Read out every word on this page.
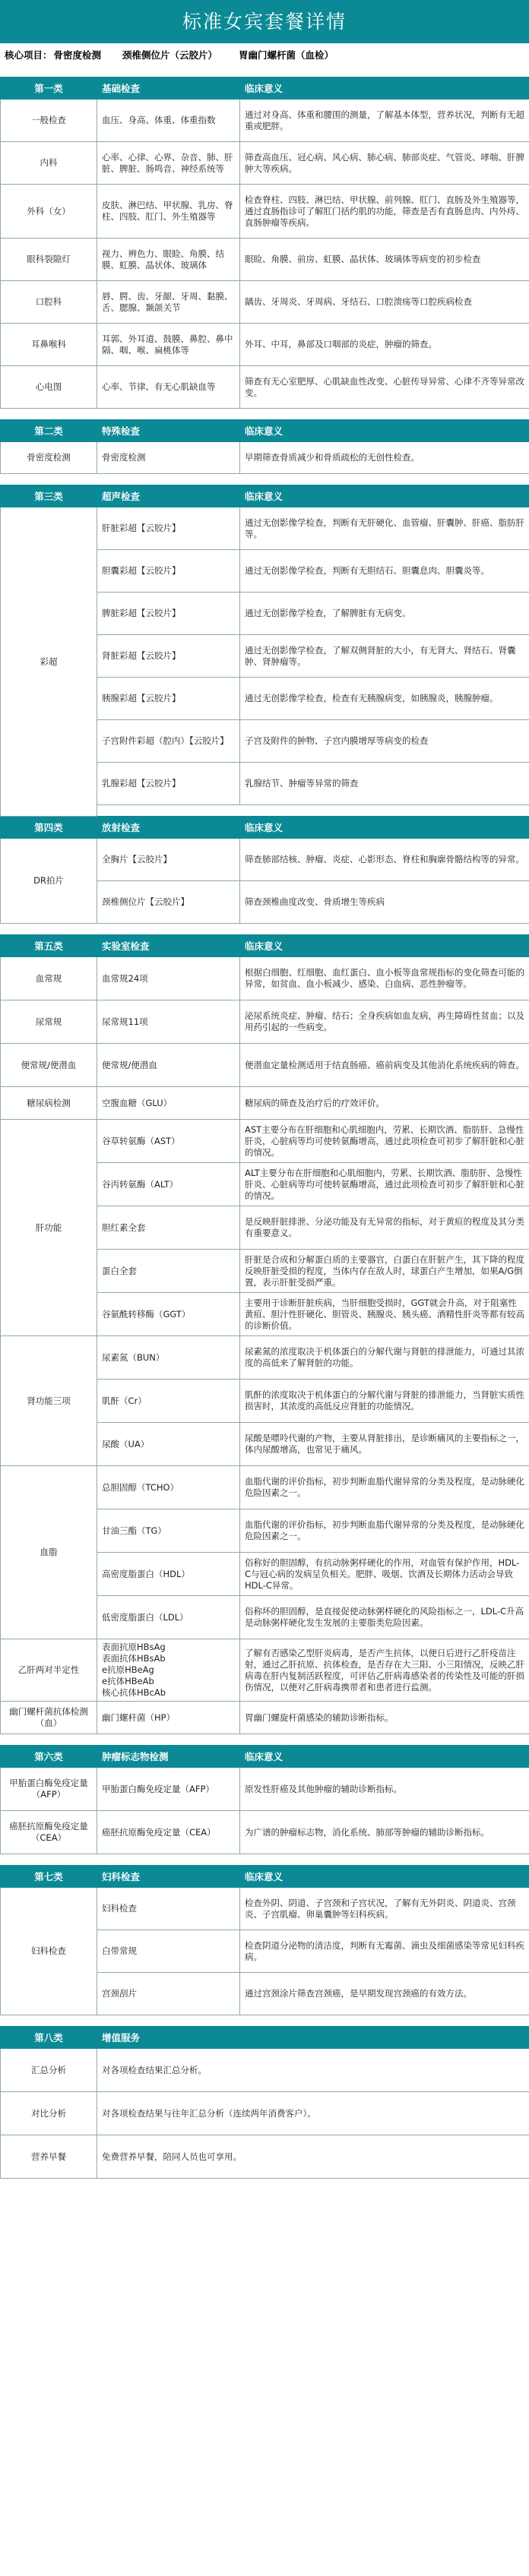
标准女宾套餐详情
核心项目： 骨密度检测 颈椎侧位片（云胶片） 胃幽门螺杆菌（血检）

第一类	基础检查	临床意义
一般检查	血压、身高、体重、体重指数	通过对身高、体重和腰围的测量，了解基本体型，营养状况，判断有无超重或肥胖。
内科	心率、心律、心界、杂音、肺、肝脏、脾脏、肠鸣音、神经系统等	筛查高血压、冠心病、风心病、肺心病、肺部炎症、气管炎、哮喘、肝脾肿大等疾病。
外科（女）	皮肤、淋巴结、甲状腺、乳房、脊柱、四肢、肛门、外生殖器等	检查脊柱、四肢、淋巴结、甲状腺、前列腺、肛门、直肠及外生殖器等，通过直肠指诊可了解肛门括约肌的功能，筛查是否有直肠息肉、内外痔、直肠肿瘤等疾病。
眼科裂隙灯	视力、辨色力、眼睑、角膜、结膜、虹膜、晶状体、玻璃体	眼睑、角膜、前房、虹膜、晶状体、玻璃体等病变的初步检查
口腔科	唇、腭、齿、牙龈、牙周、黏膜、舌、腮腺、颞颌关节	龋齿、牙周炎、牙周病、牙结石、口腔溃疡等口腔疾病检查
耳鼻喉科	耳郭、外耳道、鼓膜、鼻腔、鼻中隔、咽、喉、扁桃体等	外耳、中耳，鼻部及口咽部的炎症，肿瘤的筛查。
心电图	心率、节律、有无心肌缺血等	筛查有无心室肥厚、心肌缺血性改变、心脏传导异常、心律不齐等异常改变。

第二类	特殊检查	临床意义
骨密度检测	骨密度检测	早期筛查骨质减少和骨质疏松的无创性检查。

第三类	超声检查	临床意义
彩超	肝脏彩超【云胶片】	通过无创影像学检查，判断有无肝硬化、血管瘤、肝囊肿、肝癌、脂肪肝等。
	胆囊彩超【云胶片】	通过无创影像学检查，判断有无胆结石、胆囊息肉、胆囊炎等。
	脾脏彩超【云胶片】	通过无创影像学检查，了解脾脏有无病变。
	肾脏彩超【云胶片】	通过无创影像学检查，了解双侧肾脏的大小，有无肾大、肾结石、肾囊肿、肾肿瘤等。
	胰腺彩超【云胶片】	通过无创影像学检查，检查有无胰腺病变，如胰腺炎，胰腺肿瘤。
	子宫附件彩超（腔内）【云胶片】	子宫及附件的肿物、子宫内膜增厚等病变的检查
	乳腺彩超【云胶片】	乳腺结节、肿瘤等异常的筛查

第四类	放射检查	临床意义
DR拍片	全胸片【云胶片】	筛查肺部结核、肿瘤、炎症、心影形态、脊柱和胸廓骨骼结构等的异常。
	颈椎侧位片【云胶片】	筛查颈椎曲度改变、骨质增生等疾病

第五类	实验室检查	临床意义
血常规	血常规24项	根据白细胞、红细胞、血红蛋白、血小板等血常规指标的变化筛查可能的异常，如贫血、血小板减少、感染、白血病、恶性肿瘤等。
尿常规	尿常规11项	泌尿系统炎症、肿瘤、结石；全身疾病如血友病，再生障碍性贫血；以及用药引起的一些病变。
便常规/便潜血	便常规/便潜血	便潜血定量检测适用于结直肠癌、癌前病变及其他消化系统疾病的筛查。
糖尿病检测	空腹血糖（GLU）	糖尿病的筛查及治疗后的疗效评价。
肝功能	谷草转氨酶（AST）	AST主要分布在肝细胞和心肌细胞内，劳累、长期饮酒、脂肪肝、急慢性肝炎，心脏病等均可使转氨酶增高，通过此项检查可初步了解肝脏和心脏的情况。
	谷丙转氨酶（ALT）	ALT主要分布在肝细胞和心肌细胞内，劳累、长期饮酒、脂肪肝、急慢性肝炎、心脏病等均可使转氨酶增高，通过此项检查可初步了解肝脏和心脏的情况。
	胆红素全套	是反映肝脏排泄、分泌功能及有无异常的指标，对于黄疸的程度及其分类有重要意义。
	蛋白全套	肝脏是合成和分解蛋白质的主要器官，白蛋白在肝脏产生，其下降的程度反映肝脏受损的程度，当体内存在敌人时，球蛋白产生增加，如果A/G倒置，表示肝脏受损严重。
	谷氨酰转移酶（GGT）	主要用于诊断肝脏疾病，当肝细胞受损时，GGT就会升高，对于阻塞性黄疸、胆汁性肝硬化、胆管炎、胰腺炎、胰头癌、酒精性肝炎等都有较高的诊断价值。
肾功能三项	尿素氮（BUN）	尿素氮的浓度取决于机体蛋白的分解代谢与肾脏的排泄能力，可通过其浓度的高低来了解肾脏的功能。
	肌酐（Cr）	肌酐的浓度取决于机体蛋白的分解代谢与肾脏的排泄能力，当肾脏实质性损害时，其浓度的高低反应肾脏的功能情况。
	尿酸（UA）	尿酸是嘌呤代谢的产物，主要从肾脏排出，是诊断痛风的主要指标之一，体内尿酸增高，也常见于痛风。
血脂	总胆固醇（TCHO）	血脂代谢的评价指标，初步判断血脂代谢异常的分类及程度，是动脉硬化危险因素之一。
	甘油三酯（TG）	血脂代谢的评价指标，初步判断血脂代谢异常的分类及程度，是动脉硬化危险因素之一。
	高密度脂蛋白（HDL）	俗称好的胆固醇，有抗动脉粥样硬化的作用，对血管有保护作用，HDL-C与冠心病的发病呈负相关。肥胖、吸烟、饮酒及长期体力活动会导致HDL-C异常。
	低密度脂蛋白（LDL）	俗称坏的胆固醇，是直接促使动脉粥样硬化的风险指标之一，LDL-C升高是动脉粥样硬化发生发展的主要脂类危险因素。
乙肝两对半定性	表面抗原HBsAg
表面抗体HBsAb
e抗原HBeAg
e抗体HBeAb
核心抗体HBcAb	了解有否感染乙型肝炎病毒，是否产生抗体，以便日后进行乙肝疫苗注射，通过乙肝抗原、抗体检查，是否存在大三阳、小三阳情况，反映乙肝病毒在肝内复制活跃程度，可评估乙肝病毒感染者的传染性及可能的肝损伤情况，以便对乙肝病毒携带者和患者进行监测。
幽门螺杆菌抗体检测（血）	幽门螺杆菌（HP）	胃幽门螺旋杆菌感染的辅助诊断指标。

第六类	肿瘤标志物检测	临床意义
甲胎蛋白酶免疫定量（AFP）	甲胎蛋白酶免疫定量（AFP）	原发性肝癌及其他肿瘤的辅助诊断指标。
癌胚抗原酶免疫定量（CEA）	癌胚抗原酶免疫定量（CEA）	为广谱的肿瘤标志物，消化系统、肺部等肿瘤的辅助诊断指标。

第七类	妇科检查	临床意义
妇科检查	妇科检查	检查外阴、阴道、子宫颈和子宫状况，了解有无外阴炎、阴道炎、宫颈炎、子宫肌瘤、卵巢囊肿等妇科疾病。
	白带常规	检查阴道分泌物的清洁度，判断有无霉菌、滴虫及细菌感染等常见妇科疾病。
	宫颈刮片	通过宫颈涂片筛查宫颈癌，是早期发现宫颈癌的有效方法。

第八类	增值服务	
汇总分析	对各项检查结果汇总分析。	
对比分析	对各项检查结果与往年汇总分析（连续两年消费客户）。	
营养早餐	免费营养早餐，陪同人员也可享用。	
